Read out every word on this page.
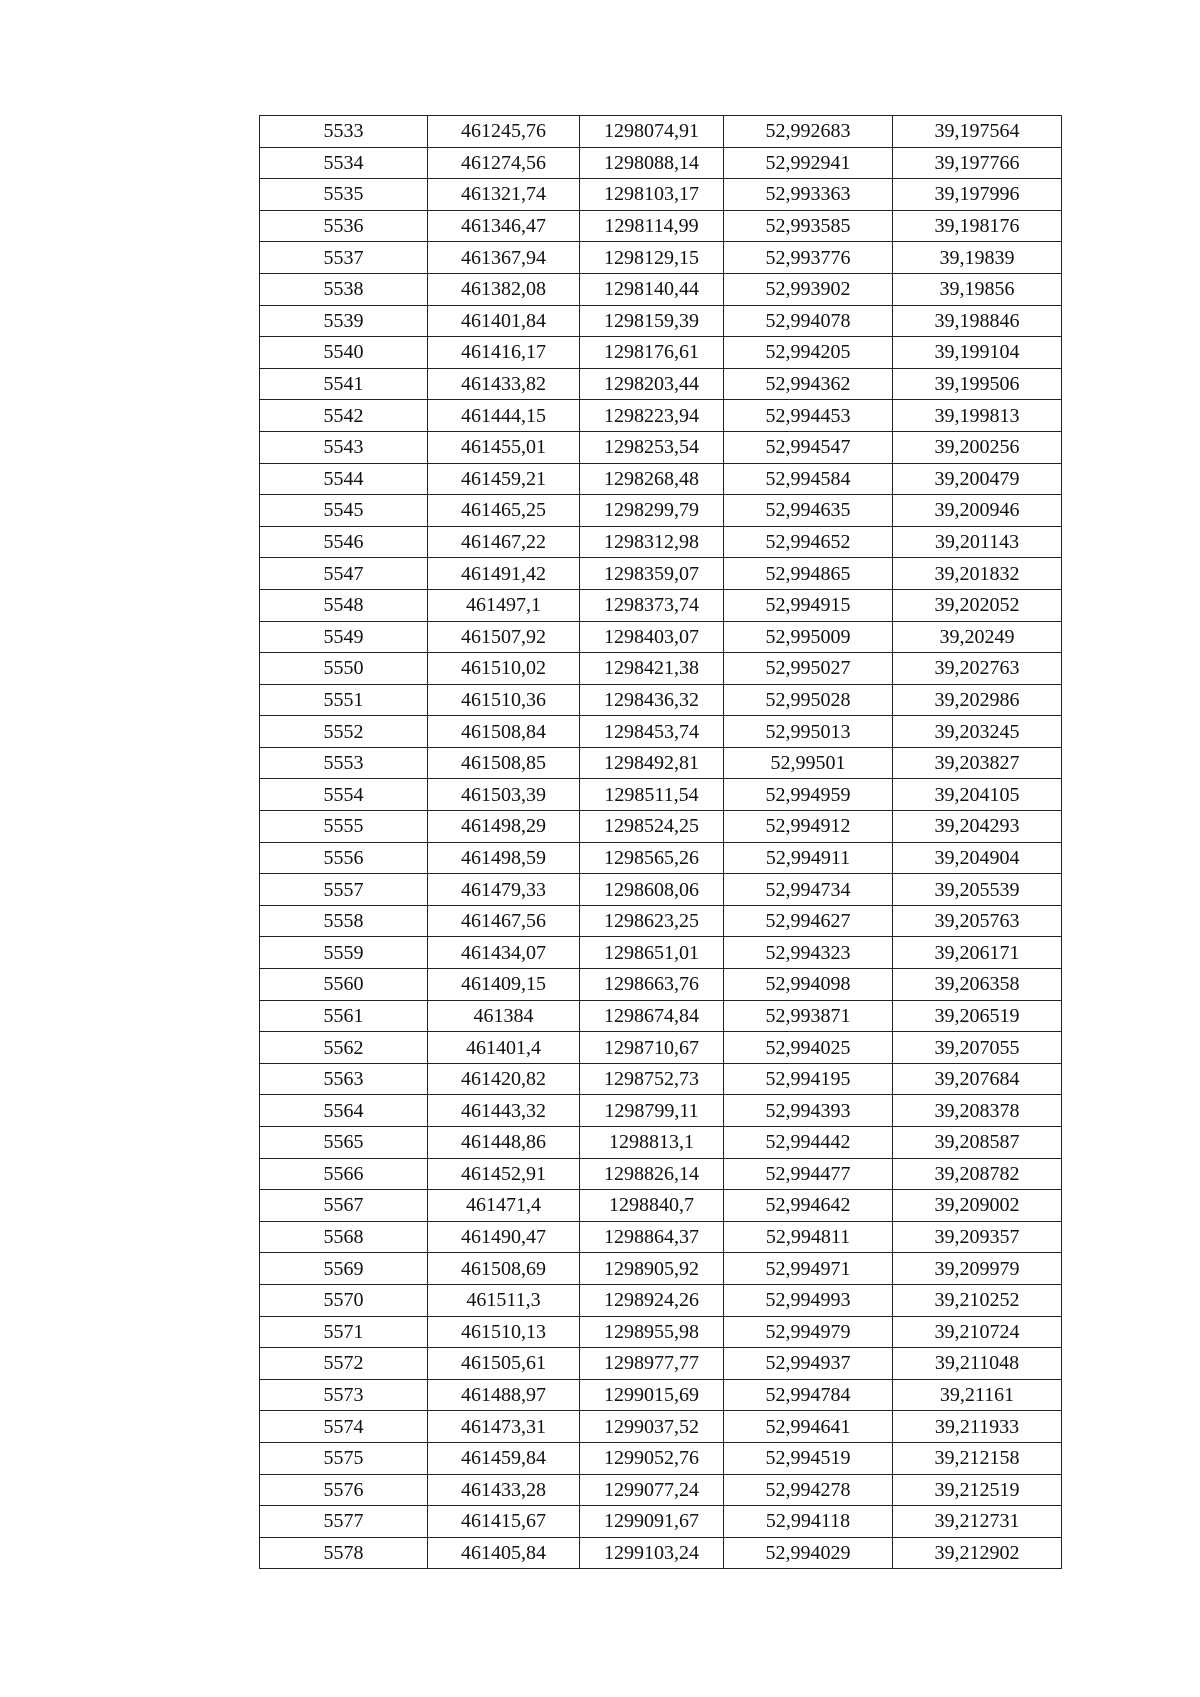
5533	461245,76	1298074,91	52,992683	39,197564
5534	461274,56	1298088,14	52,992941	39,197766
5535	461321,74	1298103,17	52,993363	39,197996
5536	461346,47	1298114,99	52,993585	39,198176
5537	461367,94	1298129,15	52,993776	39,19839
5538	461382,08	1298140,44	52,993902	39,19856
5539	461401,84	1298159,39	52,994078	39,198846
5540	461416,17	1298176,61	52,994205	39,199104
5541	461433,82	1298203,44	52,994362	39,199506
5542	461444,15	1298223,94	52,994453	39,199813
5543	461455,01	1298253,54	52,994547	39,200256
5544	461459,21	1298268,48	52,994584	39,200479
5545	461465,25	1298299,79	52,994635	39,200946
5546	461467,22	1298312,98	52,994652	39,201143
5547	461491,42	1298359,07	52,994865	39,201832
5548	461497,1	1298373,74	52,994915	39,202052
5549	461507,92	1298403,07	52,995009	39,20249
5550	461510,02	1298421,38	52,995027	39,202763
5551	461510,36	1298436,32	52,995028	39,202986
5552	461508,84	1298453,74	52,995013	39,203245
5553	461508,85	1298492,81	52,99501	39,203827
5554	461503,39	1298511,54	52,994959	39,204105
5555	461498,29	1298524,25	52,994912	39,204293
5556	461498,59	1298565,26	52,994911	39,204904
5557	461479,33	1298608,06	52,994734	39,205539
5558	461467,56	1298623,25	52,994627	39,205763
5559	461434,07	1298651,01	52,994323	39,206171
5560	461409,15	1298663,76	52,994098	39,206358
5561	461384	1298674,84	52,993871	39,206519
5562	461401,4	1298710,67	52,994025	39,207055
5563	461420,82	1298752,73	52,994195	39,207684
5564	461443,32	1298799,11	52,994393	39,208378
5565	461448,86	1298813,1	52,994442	39,208587
5566	461452,91	1298826,14	52,994477	39,208782
5567	461471,4	1298840,7	52,994642	39,209002
5568	461490,47	1298864,37	52,994811	39,209357
5569	461508,69	1298905,92	52,994971	39,209979
5570	461511,3	1298924,26	52,994993	39,210252
5571	461510,13	1298955,98	52,994979	39,210724
5572	461505,61	1298977,77	52,994937	39,211048
5573	461488,97	1299015,69	52,994784	39,21161
5574	461473,31	1299037,52	52,994641	39,211933
5575	461459,84	1299052,76	52,994519	39,212158
5576	461433,28	1299077,24	52,994278	39,212519
5577	461415,67	1299091,67	52,994118	39,212731
5578	461405,84	1299103,24	52,994029	39,212902
